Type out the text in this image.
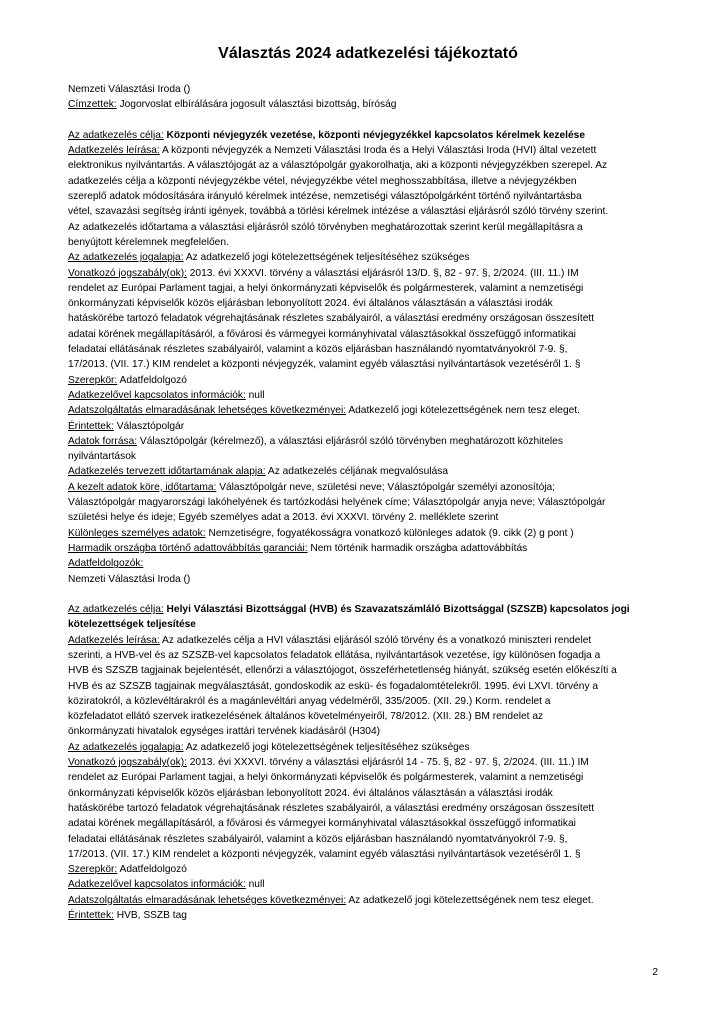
Választás 2024 adatkezelési tájékoztató
Nemzeti Választási Iroda ()
Címzettek: Jogorvoslat elbírálására jogosult választási bizottság, bíróság
Az adatkezelés célja: Központi névjegyzék vezetése, központi névjegyzékkel kapcsolatos kérelmek kezelése
Adatkezelés leírása: A központi névjegyzék a Nemzeti Választási Iroda és a Helyi Választási Iroda (HVI) által vezetett
elektronikus nyilvántartás. A választójogát az a választópolgár gyakorolhatja, aki a központi névjegyzékben szerepel. Az
adatkezelés célja a központi névjegyzékbe vétel, névjegyzékbe vétel meghosszabbítása, illetve a névjegyzékben
szereplő adatok módosítására irányuló kérelmek intézése, nemzetiségi választópolgárként történő nyilvántartásba
vétel, szavazási segítség iránti igények, továbbá a törlési kérelmek intézése a választási eljárásról szóló törvény szerint.
Az adatkezelés időtartama a választási eljárásról szóló törvényben meghatározottak szerint kerül megállapításra a
benyújtott kérelemnek megfelelően.
Az adatkezelés jogalapja: Az adatkezelő jogi kötelezettségének teljesítéséhez szükséges
Vonatkozó jogszabály(ok): 2013. évi XXXVI. törvény a választási eljárásról 13/D. §, 82 - 97. §, 2/2024. (III. 11.) IM
rendelet az Európai Parlament tagjai, a helyi önkormányzati képviselők és polgármesterek, valamint a nemzetiségi
önkormányzati képviselők közös eljárásban lebonyolított 2024. évi általános választásán a választási irodák
hatáskörébe tartozó feladatok végrehajtásának részletes szabályairól, a választási eredmény országosan összesített
adatai körének megállapításáról, a fővárosi és vármegyei kormányhivatal választásokkal összefüggő informatikai
feladatai ellátásának részletes szabályairól, valamint a közös eljárásban használandó nyomtatványokról 7-9. §,
17/2013. (VII. 17.) KIM rendelet a központi névjegyzék, valamint egyéb választási nyilvántartások vezetéséről 1. §
Szerepkör: Adatfeldolgozó
Adatkezelővel kapcsolatos információk: null
Adatszolgáltatás elmaradásának lehetséges következményei: Adatkezelő jogi kötelezettségének nem tesz eleget.
Érintettek: Választópolgár
Adatok forrása: Választópolgár (kérelmező), a választási eljárásról szóló törvényben meghatározott közhiteles
nyilvántartások
Adatkezelés tervezett időtartamának alapja: Az adatkezelés céljának megvalósulása
A kezelt adatok köre, időtartama: Választópolgár neve, születési neve; Választópolgár személyi azonosítója;
Választópolgár magyarországi lakóhelyének és tartózkodási helyének címe; Választópolgár anyja neve; Választópolgár
születési helye és ideje; Egyéb személyes adat a 2013. évi XXXVI. törvény 2. melléklete szerint
Különleges személyes adatok: Nemzetiségre, fogyatékosságra vonatkozó különleges adatok (9. cikk (2) g pont )
Harmadik országba történő adattovábbítás garanciái: Nem történik harmadik országba adattovábbítás
Adatfeldolgozók:
Nemzeti Választási Iroda ()
Az adatkezelés célja: Helyi Választási Bizottsággal (HVB) és Szavazatszámláló Bizottsággal (SZSZB) kapcsolatos jogi
kötelezettségek teljesítése
Adatkezelés leírása: Az adatkezelés célja a HVI választási eljárásól szóló törvény és a vonatkozó miniszteri rendelet
szerinti, a HVB-vel és az SZSZB-vel kapcsolatos feladatok ellátása, nyilvántartások vezetése, így különösen fogadja a
HVB és SZSZB tagjainak bejelentését, ellenőrzi a választójogot, összeférhetetlenség hiányát, szükség esetén előkészíti a
HVB és az SZSZB tagjainak megválasztását, gondoskodik az eskü- és fogadalomtételekről. 1995. évi LXVI. törvény a
köziratokról, a közlevéltárakról és a magánlevéltári anyag védelméről, 335/2005. (XII. 29.) Korm. rendelet a
közfeladatot ellátó szervek iratkezelésének általános követelményeiről, 78/2012. (XII. 28.) BM rendelet az
önkormányzati hivatalok egységes irattári tervének kiadásáról (H304)
Az adatkezelés jogalapja: Az adatkezelő jogi kötelezettségének teljesítéséhez szükséges
Vonatkozó jogszabály(ok): 2013. évi XXXVI. törvény a választási eljárásról 14 - 75. §, 82 - 97. §, 2/2024. (III. 11.) IM
rendelet az Európai Parlament tagjai, a helyi önkormányzati képviselők és polgármesterek, valamint a nemzetiségi
önkormányzati képviselők közös eljárásban lebonyolított 2024. évi általános választásán a választási irodák
hatáskörébe tartozó feladatok végrehajtásának részletes szabályairól, a választási eredmény országosan összesített
adatai körének megállapításáról, a fővárosi és vármegyei kormányhivatal választásokkal összefüggő informatikai
feladatai ellátásának részletes szabályairól, valamint a közös eljárásban használandó nyomtatványokról 7-9. §,
17/2013. (VII. 17.) KIM rendelet a központi névjegyzék, valamint egyéb választási nyilvántartások vezetéséről 1. §
Szerepkör: Adatfeldolgozó
Adatkezelővel kapcsolatos információk: null
Adatszolgáltatás elmaradásának lehetséges következményei: Az adatkezelő jogi kötelezettségének nem tesz eleget.
Érintettek: HVB, SSZB tag
2
